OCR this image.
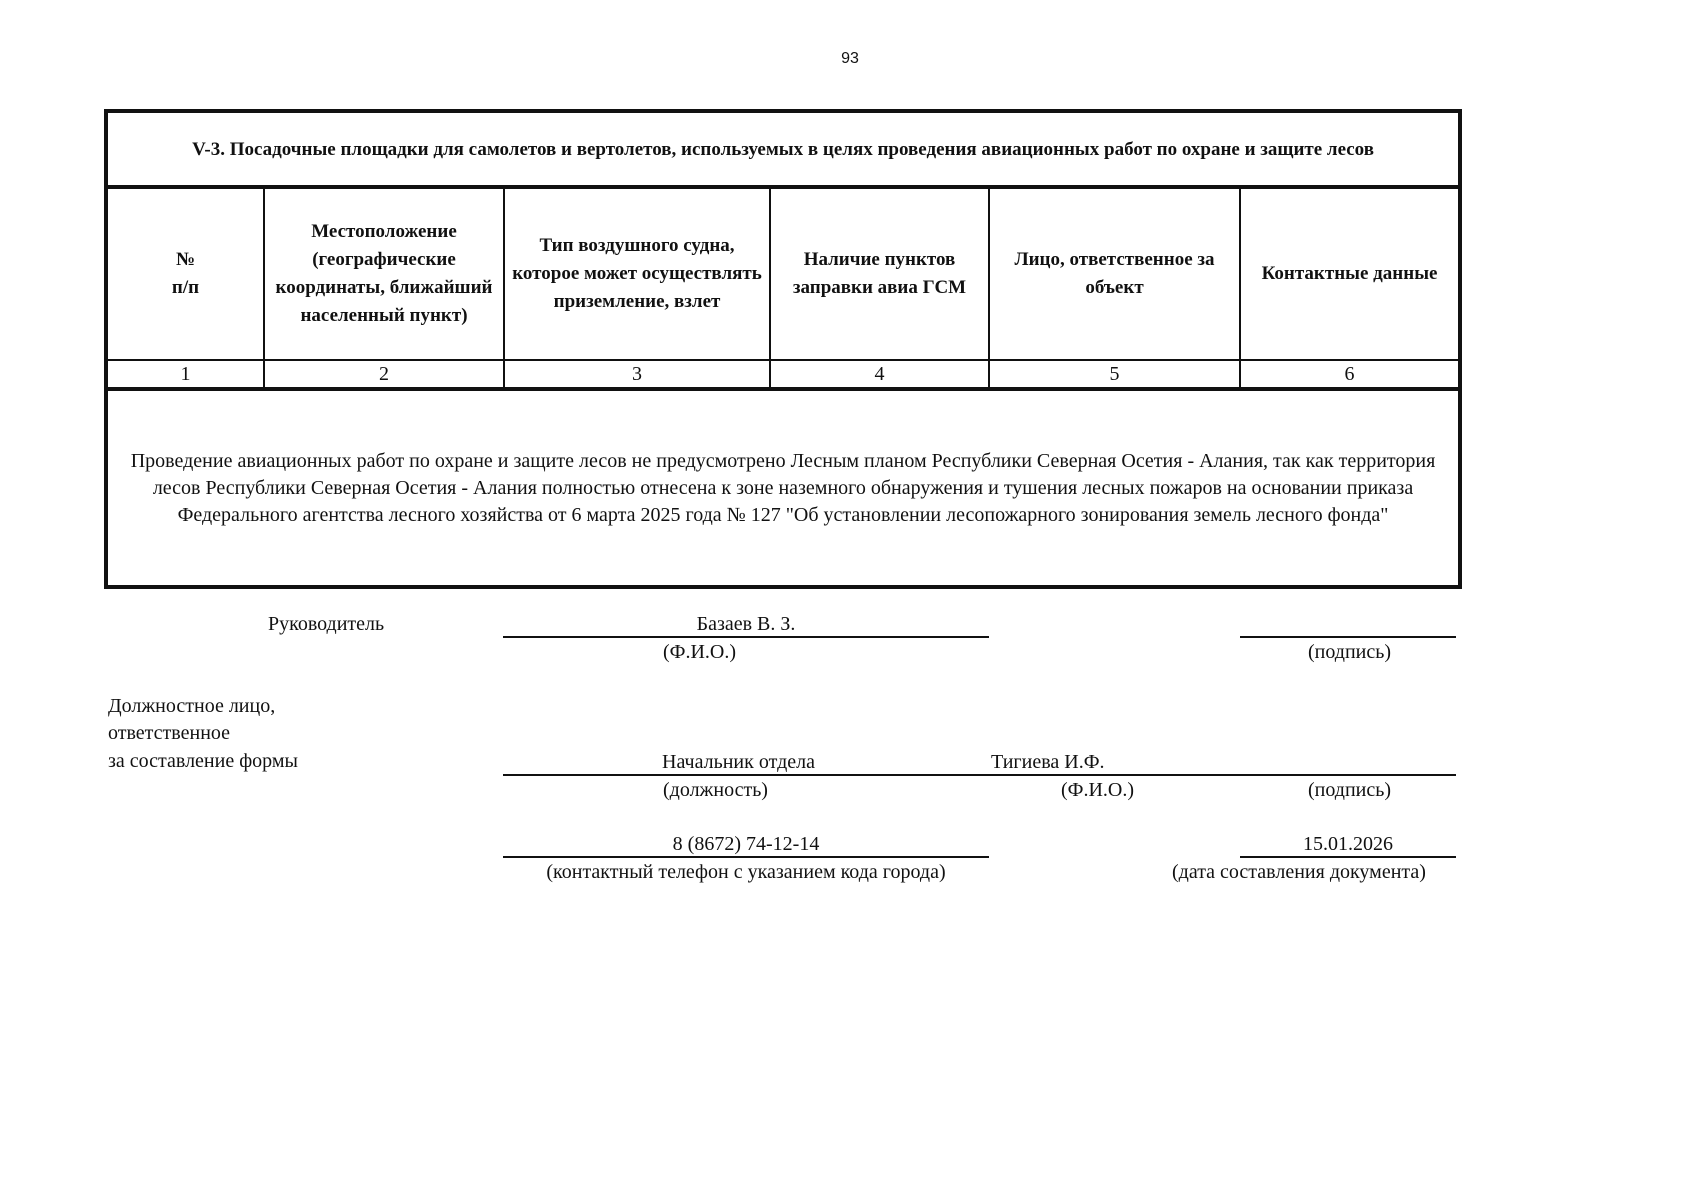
93
V-3. Посадочные площадки для самолетов и вертолетов, используемых в целях проведения авиационных работ по охране и защите лесов					
№
п/п	Местоположение (географические координаты, ближайший населенный пункт)	Тип воздушного судна, которое может осуществлять приземление, взлет	Наличие пунктов заправки авиа ГСМ	Лицо, ответственное за объект	Контактные данные
1	2	3	4	5	6
Проведение авиационных работ по охране и защите лесов не предусмотрено Лесным планом Республики Северная Осетия - Алания, так как территория лесов Республики Северная Осетия - Алания полностью отнесена к зоне наземного обнаружения и тушения лесных пожаров на основании приказа Федерального агентства лесного хозяйства от 6 марта 2025 года № 127 "Об установлении лесопожарного зонирования земель лесного фонда"					
Руководитель	Базаев В. З.
(Ф.И.О.)	(подпись)
Должностное лицо,
ответственное
за составление формы	Начальник отдела	Тигиева И.Ф.
(должность)	(Ф.И.О.)	(подпись)
8 (8672) 74-12-14
(контактный телефон с указанием кода города)
15.01.2026
(дата составления документа)
